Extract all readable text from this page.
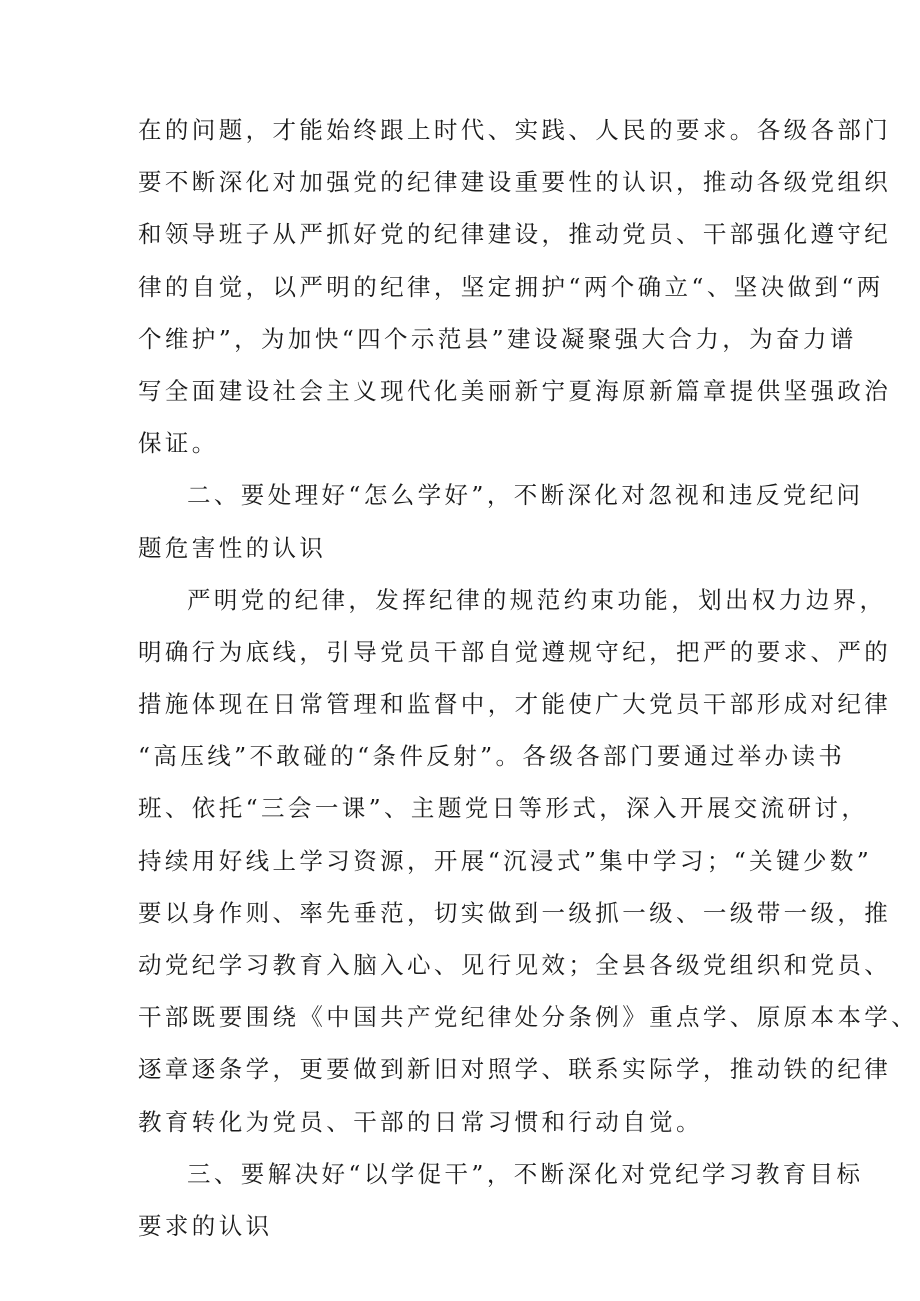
在的问题，才能始终跟上时代、实践、人民的要求。各级各部门
要不断深化对加强党的纪律建设重要性的认识，推动各级党组织
和领导班子从严抓好党的纪律建设，推动党员、干部强化遵守纪
律的自觉，以严明的纪律，坚定拥护“两个确立“、坚决做到“两
个维护”，为加快“四个示范县”建设凝聚强大合力，为奋力谱
写全面建设社会主义现代化美丽新宁夏海原新篇章提供坚强政治
保证。
二、要处理好“怎么学好”，不断深化对忽视和违反党纪问
题危害性的认识
严明党的纪律，发挥纪律的规范约束功能，划出权力边界，
明确行为底线，引导党员干部自觉遵规守纪，把严的要求、严的
措施体现在日常管理和监督中，才能使广大党员干部形成对纪律
“高压线”不敢碰的“条件反射”。各级各部门要通过举办读书
班、依托“三会一课”、主题党日等形式，深入开展交流研讨，
持续用好线上学习资源，开展“沉浸式”集中学习；“关键少数”
要以身作则、率先垂范，切实做到一级抓一级、一级带一级，推
动党纪学习教育入脑入心、见行见效；全县各级党组织和党员、
干部既要围绕《中国共产党纪律处分条例》重点学、原原本本学、
逐章逐条学，更要做到新旧对照学、联系实际学，推动铁的纪律
教育转化为党员、干部的日常习惯和行动自觉。
三、要解决好“以学促干”，不断深化对党纪学习教育目标
要求的认识
